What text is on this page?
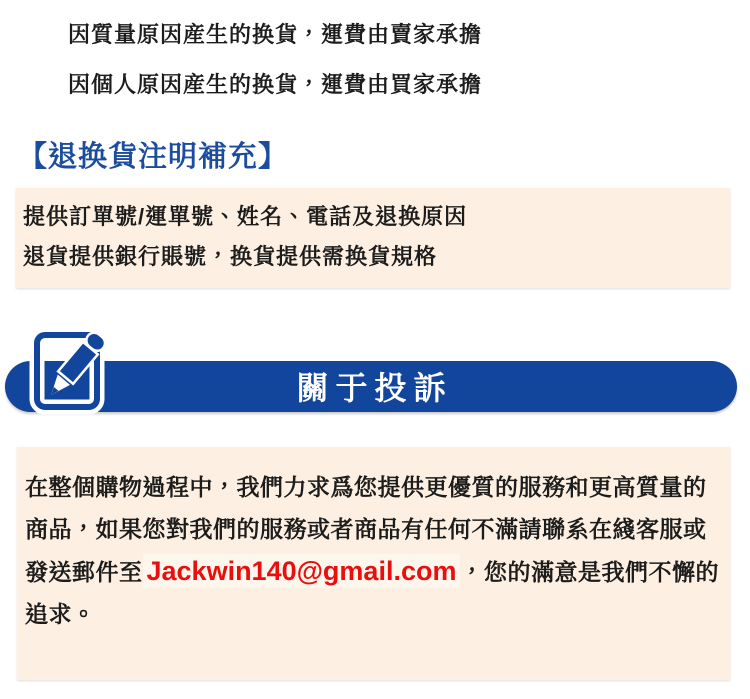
因質量原因産生的换貨，運費由賣家承擔

因個人原因産生的换貨，運費由買家承擔

【退换貨注明補充】

提供訂單號/運單號、姓名、電話及退换原因

退貨提供銀行賬號，换貨提供需换貨規格

關于投訴

在整個購物過程中，我們力求爲您提供更優質的服務和更高質量的

商品，如果您對我們的服務或者商品有任何不滿請聯系在綫客服或

發送郵件至 Jackwin140@gmail.com ，您的滿意是我們不懈的追求。
